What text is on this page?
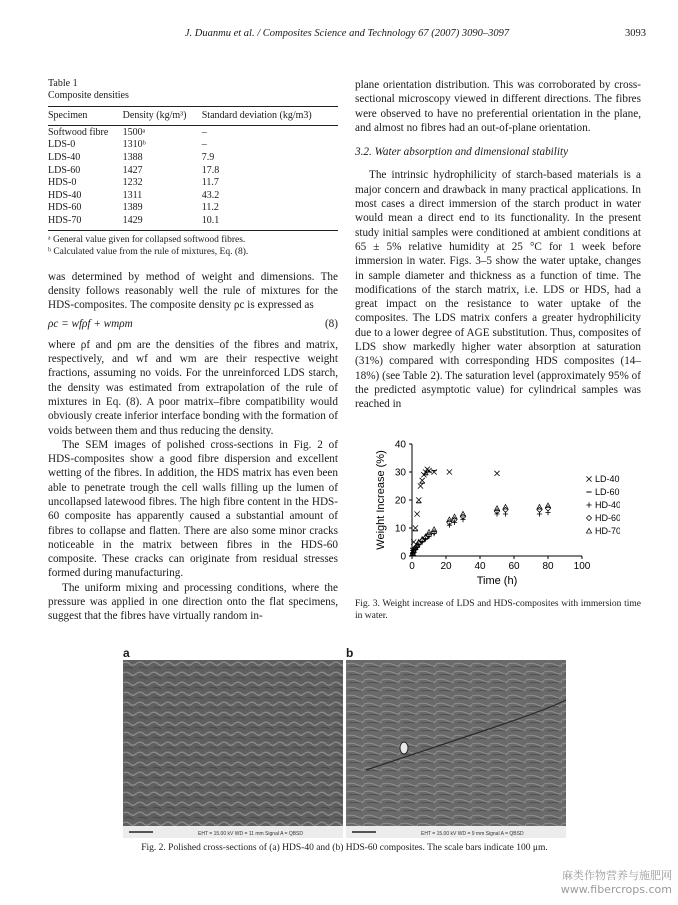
J. Duanmu et al. / Composites Science and Technology 67 (2007) 3090–3097	3093
Table 1
Composite densities
Specimen	Density (kg/m³)	Standard deviation (kg/m3)
Softwood fibre	1500ᵃ	–
LDS-0	1310ᵇ	–
LDS-40	1388	7.9
LDS-60	1427	17.8
HDS-0	1232	11.7
HDS-40	1311	43.2
HDS-60	1389	11.2
HDS-70	1429	10.1

ᵃ General value given for collapsed softwood fibres.

ᵇ Calculated value from the rule of mixtures, Eq. (8).

was determined by method of weight and dimensions. The density follows reasonably well the rule of mixtures for the HDS-composites. The composite density ρc is expressed as

ρc = wfρf + wmρm	(8)

where ρf and ρm are the densities of the fibres and matrix, respectively, and wf and wm are their respective weight fractions, assuming no voids. For the unreinforced LDS starch, the density was estimated from extrapolation of the rule of mixtures in Eq. (8). A poor matrix–fibre compatibility would obviously create inferior interface bonding with the formation of voids between them and thus reducing the density.

The SEM images of polished cross-sections in Fig. 2 of HDS-composites show a good fibre dispersion and excellent wetting of the fibres. In addition, the HDS matrix has even been able to penetrate trough the cell walls filling up the lumen of uncollapsed latewood fibres. The high fibre content in the HDS-60 composite has apparently caused a substantial amount of fibres to collapse and flatten. There are also some minor cracks noticeable in the matrix between fibres in the HDS-60 composite. These cracks can originate from residual stresses formed during manufacturing.

The uniform mixing and processing conditions, where the pressure was applied in one direction onto the flat specimens, suggest that the fibres have virtually random in-

plane orientation distribution. This was corroborated by cross-sectional microscopy viewed in different directions. The fibres were observed to have no preferential orientation in the plane, and almost no fibres had an out-of-plane orientation.

3.2. Water absorption and dimensional stability

The intrinsic hydrophilicity of starch-based materials is a major concern and drawback in many practical applications. In most cases a direct immersion of the starch product in water would mean a direct end to its functionality. In the present study initial samples were conditioned at ambient conditions at 65 ± 5% relative humidity at 25 °C for 1 week before immersion in water. Figs. 3–5 show the water uptake, changes in sample diameter and thickness as a function of time. The modifications of the starch matrix, i.e. LDS or HDS, had a great impact on the resistance to water uptake of the composites. The LDS matrix confers a greater hydrophilicity due to a lower degree of AGE substitution. Thus, composites of LDS show markedly higher water absorption at saturation (31%) compared with corresponding HDS composites (14–18%) (see Table 2). The saturation level (approximately 95% of the predicted asymptotic value) for cylindrical samples was reached in

0	20 40 60 80 100
0
10
20
30
40
Time (h)
Weight Increase (%)	LD-40
LD-60
HD-40
HD-60
HD-70
Fig. 3. Weight increase of LDS and HDS-composites with immersion time in water.
a	b
EHT = 15.00 kV WD = 11 mm Signal A = QBSD	EHT = 15.00 kV WD = 9 mm Signal A = QBSD
Fig. 2. Polished cross-sections of (a) HDS-40 and (b) HDS-60 composites. The scale bars indicate 100 μm.
麻类作物营养与施肥网
www.fibercrops.com
